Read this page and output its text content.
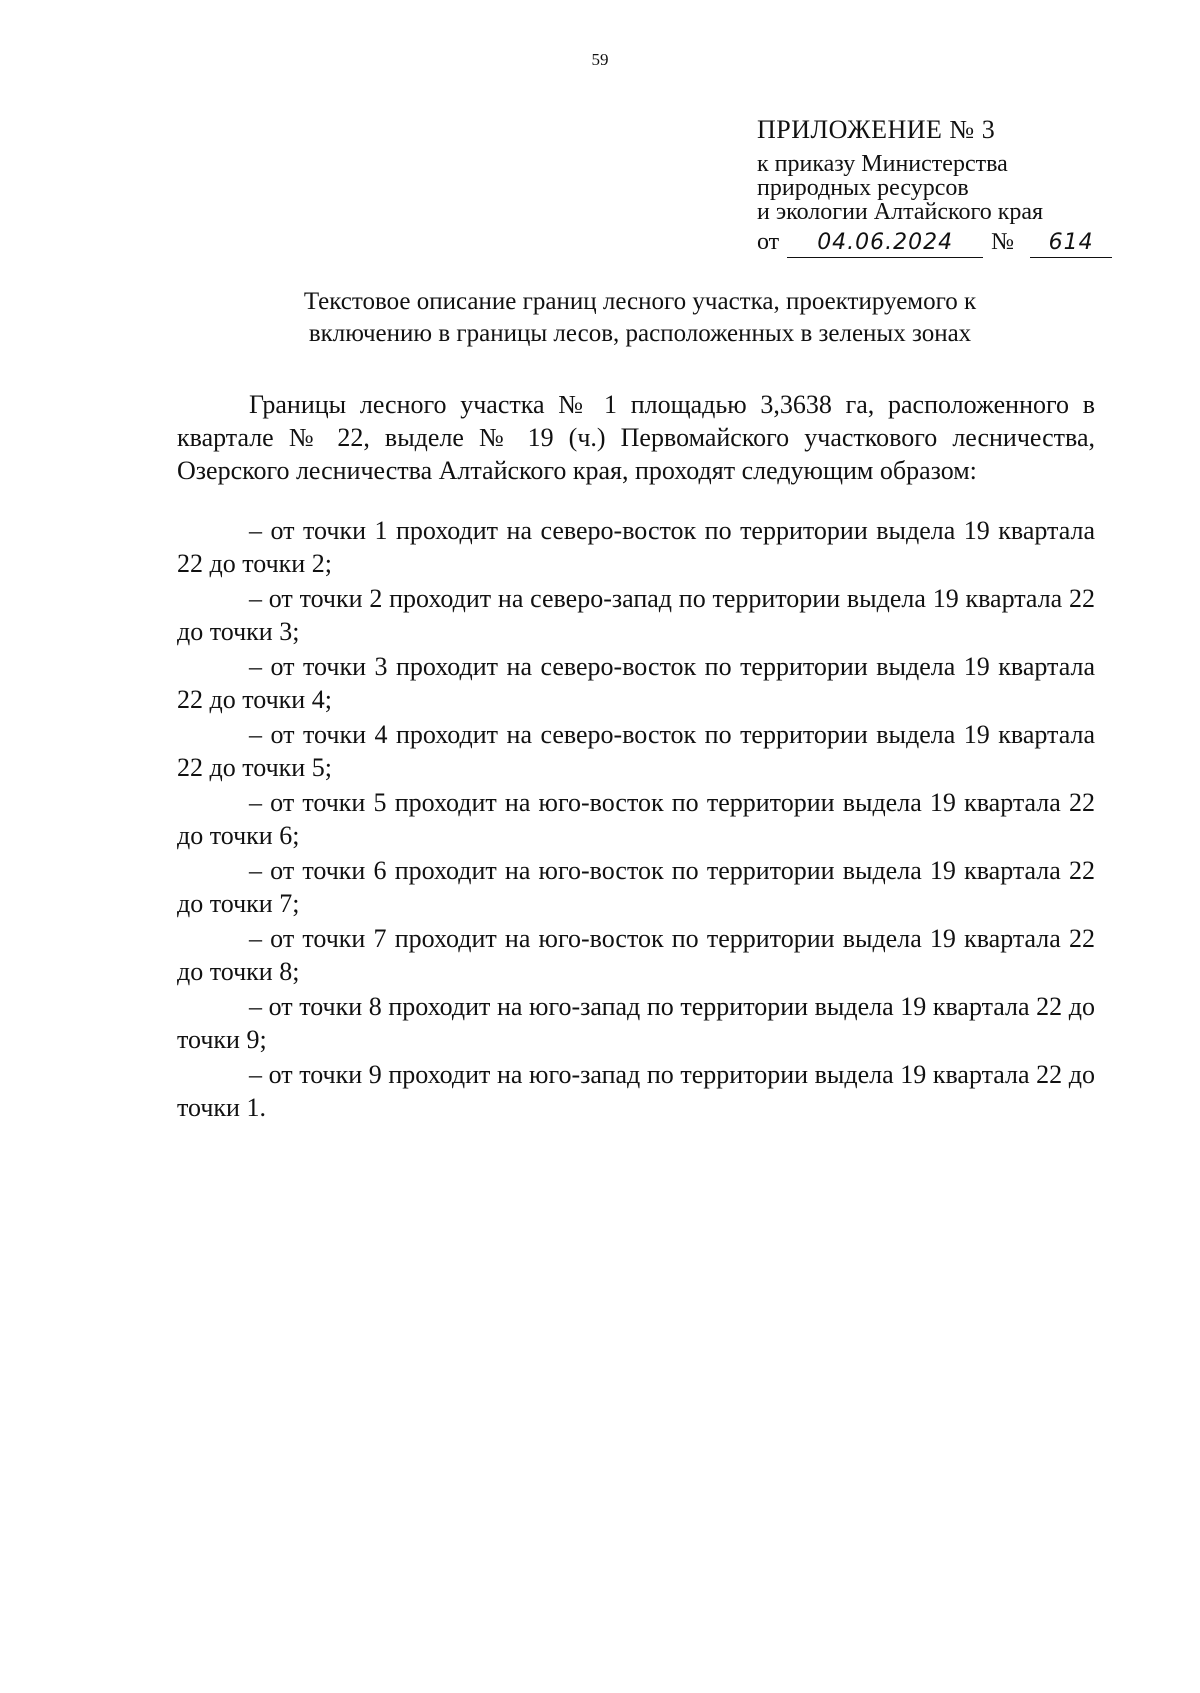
59
ПРИЛОЖЕНИЕ № 3
к приказу Министерства
природных ресурсов
и экологии Алтайского края
от 04.06.2024 № 614
Текстовое описание границ лесного участка, проектируемого к
включению в границы лесов, расположенных в зеленых зонах

Границы лесного участка № 1 площадью 3,3638 га, расположенного в квартале № 22, выделе № 19 (ч.) Первомайского участкового лесничества, Озерского лесничества Алтайского края, проходят следующим образом:

– от точки 1 проходит на северо-восток по территории выдела 19 квартала 22 до точки 2;
– от точки 2 проходит на северо-запад по территории выдела 19 квартала 22 до точки 3;
– от точки 3 проходит на северо-восток по территории выдела 19 квартала 22 до точки 4;
– от точки 4 проходит на северо-восток по территории выдела 19 квартала 22 до точки 5;
– от точки 5 проходит на юго-восток по территории выдела 19 квартала 22 до точки 6;
– от точки 6 проходит на юго-восток по территории выдела 19 квартала 22 до точки 7;
– от точки 7 проходит на юго-восток по территории выдела 19 квартала 22 до точки 8;
– от точки 8 проходит на юго-запад по территории выдела 19 квартала 22 до точки 9;
– от точки 9 проходит на юго-запад по территории выдела 19 квартала 22 до точки 1.
